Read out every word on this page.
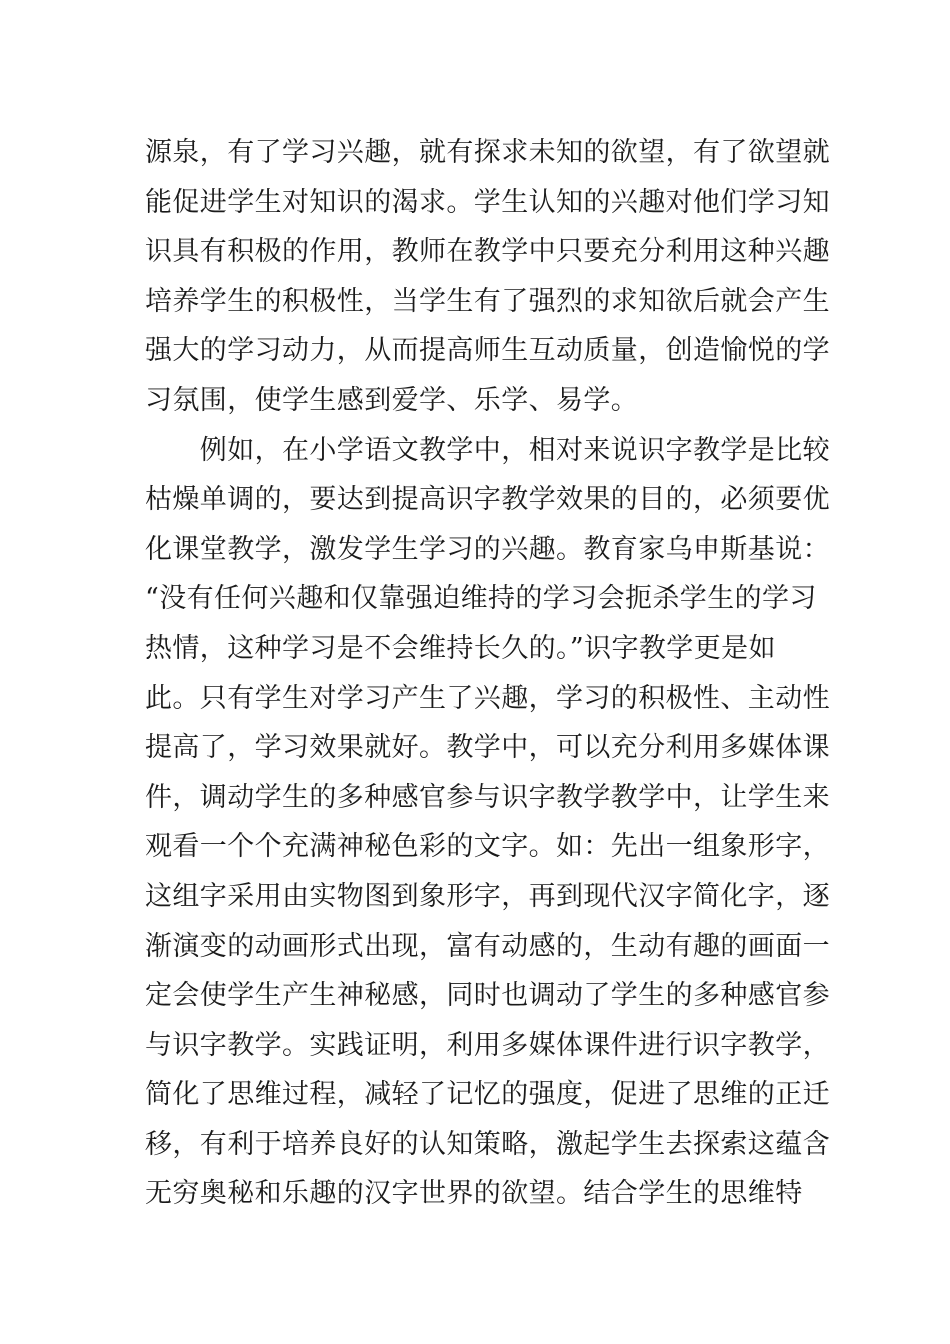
源泉，有了学习兴趣，就有探求未知的欲望，有了欲望就
能促进学生对知识的渴求。学生认知的兴趣对他们学习知
识具有积极的作用，教师在教学中只要充分利用这种兴趣
培养学生的积极性，当学生有了强烈的求知欲后就会产生
强大的学习动力，从而提高师生互动质量，创造愉悦的学
习氛围，使学生感到爱学、乐学、易学。
　　例如，在小学语文教学中，相对来说识字教学是比较
枯燥单调的，要达到提高识字教学效果的目的，必须要优
化课堂教学，激发学生学习的兴趣。教育家乌申斯基说：
“没有任何兴趣和仅靠强迫维持的学习会扼杀学生的学习
热情，这种学习是不会维持长久的。”识字教学更是如
此。只有学生对学习产生了兴趣，学习的积极性、主动性
提高了，学习效果就好。教学中，可以充分利用多媒体课
件，调动学生的多种感官参与识字教学教学中，让学生来
观看一个个充满神秘色彩的文字。如：先出一组象形字，
这组字采用由实物图到象形字，再到现代汉字简化字，逐
渐演变的动画形式出现，富有动感的，生动有趣的画面一
定会使学生产生神秘感，同时也调动了学生的多种感官参
与识字教学。实践证明，利用多媒体课件进行识字教学，
简化了思维过程，减轻了记忆的强度，促进了思维的正迁
移，有利于培养良好的认知策略，激起学生去探索这蕴含
无穷奥秘和乐趣的汉字世界的欲望。结合学生的思维特
